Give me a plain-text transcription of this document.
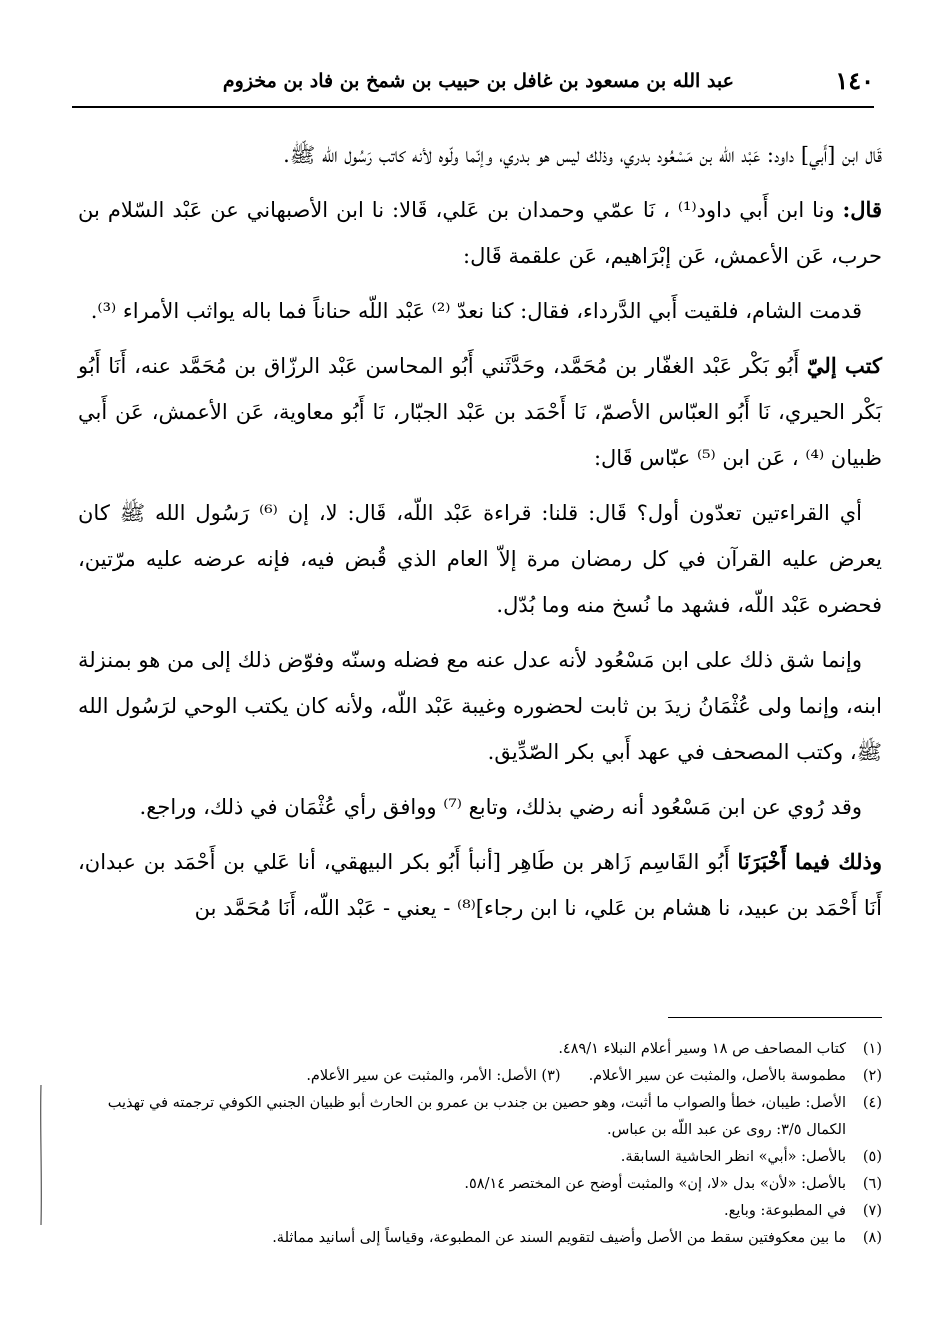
١٤٠
عبد الله بن مسعود بن غافل بن حبيب بن شمخ بن فاد بن مخزوم

قَال ابن [أَبي] داود: عَبْد اللّه بن مَسْعُود بدري، وذلك ليس هو بدري، وإنّما ولّوه لأنه كاتب رَسُول الله ﷺ.

قال: ونا ابن أَبي داود⁽¹⁾ ، نَا عمّي وحمدان بن عَلي، قَالا: نا ابن الأصبهاني عن عَبْد السّلام بن حرب، عَن الأعمش، عَن إبْرَاهيم، عَن علقمة قَال:

قدمت الشام، فلقيت أَبي الدَّرداء، فقال: كنا نعدّ ⁽²⁾ عَبْد اللّه حناناً فما باله يواثب الأمراء ⁽³⁾.

كتب إليّ أَبُو بَكْر عَبْد الغفّار بن مُحَمَّد، وحَدَّثَني أَبُو المحاسن عَبْد الرزّاق بن مُحَمَّد عنه، أَنَا أَبُو بَكْر الحيري، نَا أَبُو العبّاس الأصمّ، نَا أَحْمَد بن عَبْد الجبّار، نَا أَبُو معاوية، عَن الأعمش، عَن أَبي ظبيان ⁽⁴⁾ ، عَن ابن ⁽⁵⁾ عبّاس قَال:

أي القراءتين تعدّون أول؟ قَال: قلنا: قراءة عَبْد اللّه، قَال: لا، إن ⁽⁶⁾ رَسُول الله ﷺ كان يعرض عليه القرآن في كل رمضان مرة إلاّ العام الذي قُبض فيه، فإنه عرضه عليه مرّتين، فحضره عَبْد اللّه، فشهد ما نُسخ منه وما بُدّل.

وإنما شق ذلك على ابن مَسْعُود لأنه عدل عنه مع فضله وسنّه وفوّض ذلك إلى من هو بمنزلة ابنه، وإنما ولى عُثْمَانُ زيدَ بن ثابت لحضوره وغيبة عَبْد اللّه، ولأنه كان يكتب الوحي لرَسُول الله ﷺ، وكتب المصحف في عهد أَبي بكر الصّدِّيق.

وقد رُوي عن ابن مَسْعُود أنه رضي بذلك، وتابع ⁽⁷⁾ ووافق رأي عُثْمَان في ذلك، وراجع.

وذلك فيما أَخْبَرَنَا أَبُو القَاسِم زَاهر بن طَاهِر [أنبأ أَبُو بكر البيهقي، أنا عَلي بن أَحْمَد بن عبدان، أَنَا أَحْمَد بن عبيد، نا هشام بن عَلي، نا ابن رجاء]⁽⁸⁾ - يعني - عَبْد اللّه، أَنَا مُحَمَّد بن

(١)
كتاب المصاحف ص ١٨ وسير أعلام النبلاء ٤٨٩/١.

(٢)
مطموسة بالأصل، والمثبت عن سير الأعلام.(٣) الأصل: الأمر، والمثبت عن سير الأعلام.

(٤)
الأصل: طيبان، خطأ والصواب ما أثبت، وهو حصين بن جندب بن عمرو بن الحارث أبو ظبيان الجنبي الكوفي ترجمته في تهذيب الكمال ٣/٥: روى عن عبد اللّه بن عباس.

(٥)
بالأصل: «أبي» انظر الحاشية السابقة.

(٦)
بالأصل: «لأن» بدل «لا، إن» والمثبت أوضح عن المختصر ٥٨/١٤.

(٧)
في المطبوعة: وبايع.

(٨)
ما بين معكوفتين سقط من الأصل وأضيف لتقويم السند عن المطبوعة، وقياساً إلى أسانيد مماثلة.
